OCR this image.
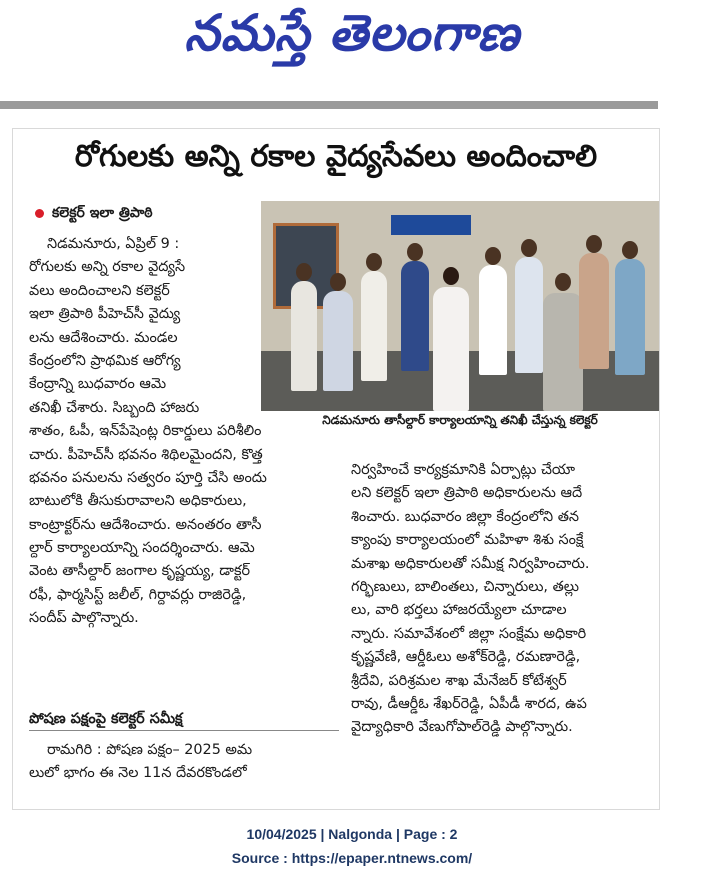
నమస్తే తెలంగాణ
రోగులకు అన్ని రకాల వైద్యసేవలు అందించాలి
కలెక్టర్ ఇలా త్రిపాఠి
నిడమనూరు తాసీల్దార్ కార్యాలయాన్ని తనిఖీ చేస్తున్న కలెక్టర్
నిడమనూరు, ఏప్రిల్ 9 :
రోగులకు అన్ని రకాల వైద్యసే
వలు అందించాలని కలెక్టర్
ఇలా త్రిపాఠి పీహెచ్‌సీ వైద్యు
లను ఆదేశించారు. మండల
కేంద్రంలోని ప్రాథమిక ఆరోగ్య
కేంద్రాన్ని బుధవారం ఆమె
తనిఖీ చేశారు. సిబ్బంది హాజరు
శాతం, ఓపీ, ఇన్‌పేషెంట్ల రికార్డులు పరిశీలిం
చారు. పీహెచ్‌సీ భవనం శిథిలమైందని, కొత్త
భవనం పనులను సత్వరం పూర్తి చేసి అందు
బాటులోకి తీసుకురావాలని అధికారులు,
కాంట్రాక్టర్‌ను ఆదేశించారు. అనంతరం తాసీ
ల్దార్ కార్యాలయాన్ని సందర్శించారు. ఆమె
వెంట తాసీల్దార్ జంగాల కృష్ణయ్య, డాక్టర్
రఫీ, ఫార్మసిస్ట్ జలీల్, గిర్దావర్లు రాజిరెడ్డి,
సందీప్ పాల్గొన్నారు.
పోషణ పక్షంపై కలెక్టర్ సమీక్ష
రామగిరి : పోషణ పక్షం– 2025 అమ
లులో భాగం ఈ నెల 11న దేవరకొండలో
నిర్వహించే కార్యక్రమానికి ఏర్పాట్లు చేయా
లని కలెక్టర్ ఇలా త్రిపాఠి అధికారులను ఆదే
శించారు. బుధవారం జిల్లా కేంద్రంలోని తన
క్యాంపు కార్యాలయంలో మహిళా శిశు సంక్షే
మశాఖ అధికారులతో సమీక్ష నిర్వహించారు.
గర్భిణులు, బాలింతలు, చిన్నారులు, తల్లు
లు, వారి భర్తలు హాజరయ్యేలా చూడాల
న్నారు. సమావేశంలో జిల్లా సంక్షేమ అధికారి
కృష్ణవేణి, ఆర్డీఓలు అశోక్‌రెడ్డి, రమణారెడ్డి,
శ్రీదేవి, పరిశ్రమల శాఖ మేనేజర్ కోటేశ్వర్
రావు, డీఆర్డీఓ శేఖర్‌రెడ్డి, ఏపీడీ శారద, ఉప
వైద్యాధికారి వేణుగోపాల్‌రెడ్డి పాల్గొన్నారు.
10/04/2025 | Nalgonda | Page : 2
Source : https://epaper.ntnews.com/
